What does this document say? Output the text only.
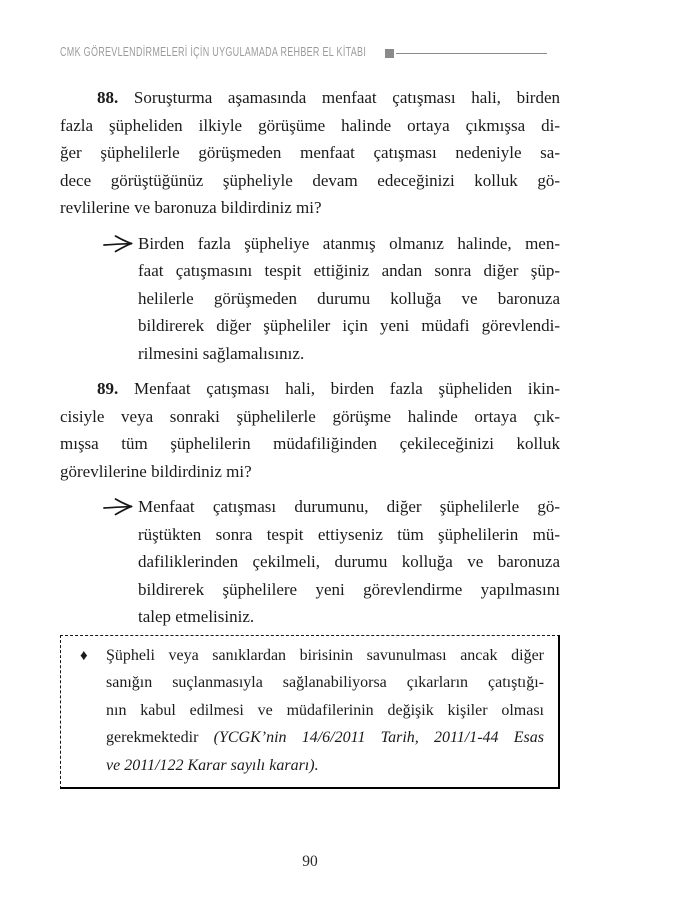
CMK GÖREVLENDİRMELERİ İÇİN UYGULAMADA REHBER EL KİTABI
88. Soruşturma aşamasında menfaat çatışması hali, birden
fazla şüpheliden ilkiyle görüşüme halinde ortaya çıkmışsa di-
ğer şüphelilerle görüşmeden menfaat çatışması nedeniyle sa-
dece görüştüğünüz şüpheliyle devam edeceğinizi kolluk gö-
revlilerine ve baronuza bildirdiniz mi?
Birden fazla şüpheliye atanmış olmanız halinde, men-
faat çatışmasını tespit ettiğiniz andan sonra diğer şüp-
helilerle görüşmeden durumu kolluğa ve baronuza
bildirerek diğer şüpheliler için yeni müdafi görevlendi-
rilmesini sağlamalısınız.
89. Menfaat çatışması hali, birden fazla şüpheliden ikin-
cisiyle veya sonraki şüphelilerle görüşme halinde ortaya çık-
mışsa tüm şüphelilerin müdafiliğinden çekileceğinizi kolluk
görevlilerine bildirdiniz mi?
Menfaat çatışması durumunu, diğer şüphelilerle gö-
rüştükten sonra tespit ettiyseniz tüm şüphelilerin mü-
dafiliklerinden çekilmeli, durumu kolluğa ve baronuza
bildirerek şüphelilere yeni görevlendirme yapılmasını
talep etmelisiniz.
♦	Şüpheli veya sanıklardan birisinin savunulması ancak diğer
sanığın suçlanmasıyla sağlanabiliyorsa çıkarların çatıştığı-
nın kabul edilmesi ve müdafilerinin değişik kişiler olması
gerekmektedir (YCGK’nin 14/6/2011 Tarih, 2011/1-44 Esas
ve 2011/122 Karar sayılı kararı).
90
